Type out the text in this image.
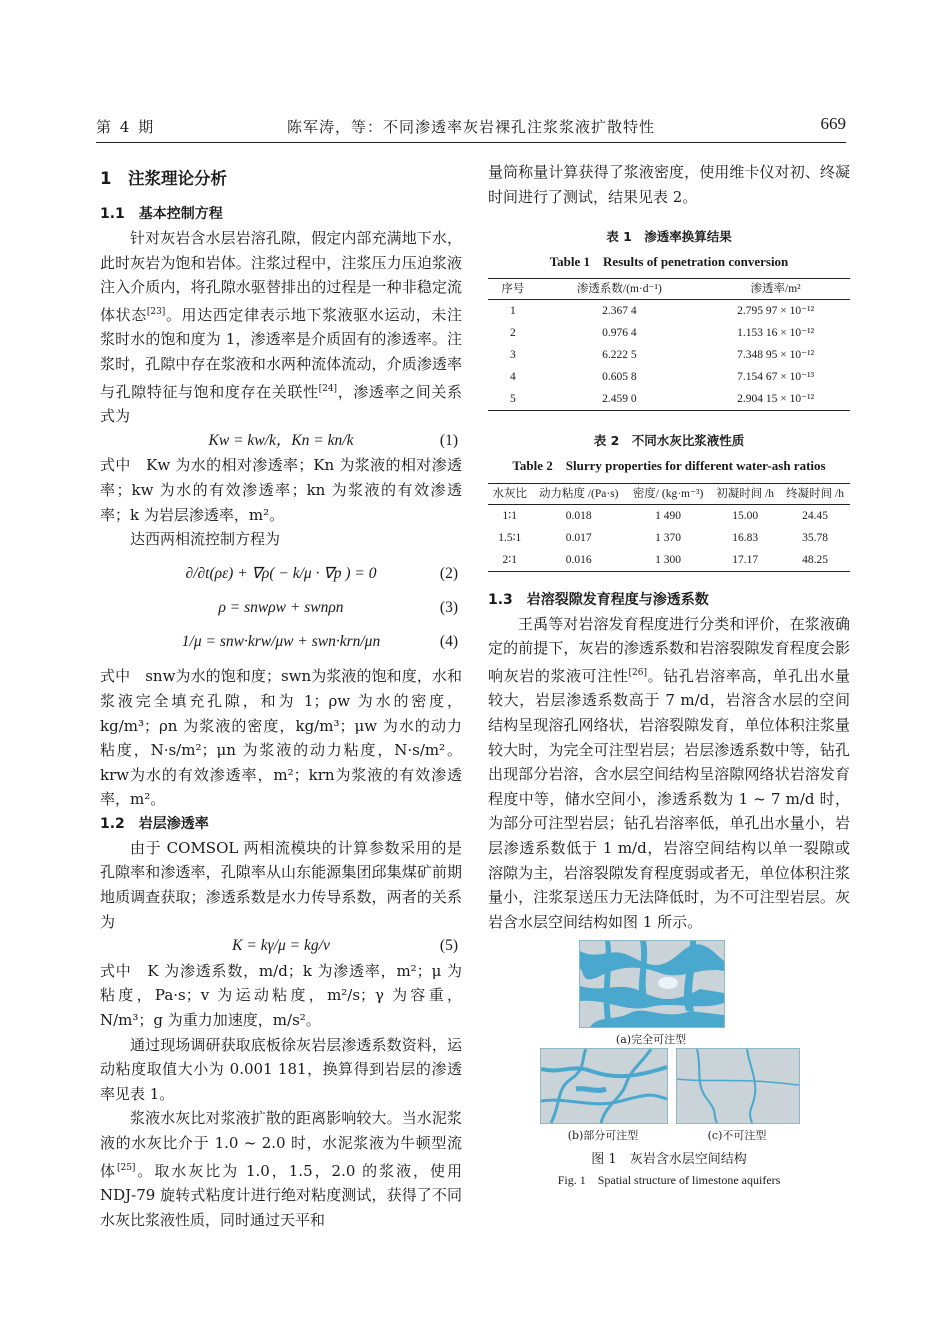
第 4 期	陈军涛，等：不同渗透率灰岩裸孔注浆浆液扩散特性	669
1　注浆理论分析
1.1　基本控制方程

针对灰岩含水层岩溶孔隙，假定内部充满地下水，此时灰岩为饱和岩体。注浆过程中，注浆压力压迫浆液注入介质内，将孔隙水驱替排出的过程是一种非稳定流体状态[23]。用达西定律表示地下浆液驱水运动，未注浆时水的饱和度为 1，渗透率是介质固有的渗透率。注浆时，孔隙中存在浆液和水两种流体流动，介质渗透率与孔隙特征与饱和度存在关联性[24]，渗透率之间关系式为

Kw = kw/k，Kn = kn/k	(1)

式中　Kw 为水的相对渗透率；Kn 为浆液的相对渗透率；kw 为水的有效渗透率；kn 为浆液的有效渗透率；k 为岩层渗透率，m²。

达西两相流控制方程为

∂/∂t(ρε) + ∇ρ( − k/μ · ∇p ) = 0	(2)
ρ = snwρw + swnρn	(3)
1/μ = snw·krw/μw + swn·krn/μn	(4)

式中　snw为水的饱和度；swn为浆液的饱和度，水和浆液完全填充孔隙，和为 1；ρw 为水的密度，kg/m³；ρn 为浆液的密度，kg/m³；μw 为水的动力粘度，N·s/m²；μn 为浆液的动力粘度，N·s/m²。krw为水的有效渗透率，m²；krn为浆液的有效渗透率，m²。

1.2　岩层渗透率

由于 COMSOL 两相流模块的计算参数采用的是孔隙率和渗透率，孔隙率从山东能源集团邱集煤矿前期地质调查获取；渗透系数是水力传导系数，两者的关系为

K = kγ/μ = kg/v	(5)

式中　K 为渗透系数，m/d；k 为渗透率，m²；μ 为粘度，Pa·s；v 为运动粘度，m²/s；γ 为容重，N/m³；g 为重力加速度，m/s²。

通过现场调研获取底板徐灰岩层渗透系数资料，运动粘度取值大小为 0.001 181，换算得到岩层的渗透率见表 1。

浆液水灰比对浆液扩散的距离影响较大。当水泥浆液的水灰比介于 1.0 ~ 2.0 时，水泥浆液为牛顿型流体[25]。取水灰比为 1.0，1.5，2.0 的浆液，使用 NDJ-79 旋转式粘度计进行绝对粘度测试，获得了不同水灰比浆液性质，同时通过天平和

量筒称量计算获得了浆液密度，使用维卡仪对初、终凝时间进行了测试，结果见表 2。

表 1　渗透率换算结果

Table 1　Results of penetration conversion

序号	渗透系数/(m·d⁻¹)	渗透率/m²
1	2.367 4	2.795 97 × 10⁻¹²
2	0.976 4	1.153 16 × 10⁻¹²
3	6.222 5	7.348 95 × 10⁻¹²
4	0.605 8	7.154 67 × 10⁻¹³
5	2.459 0	2.904 15 × 10⁻¹²

表 2　不同水灰比浆液性质

Table 2　Slurry properties for different water-ash ratios

水灰比	动力粘度 /(Pa·s)	密度/ (kg·m⁻³)	初凝时间 /h	终凝时间 /h
1∶1	0.018	1 490	15.00	24.45
1.5∶1	0.017	1 370	16.83	35.78
2∶1	0.016	1 300	17.17	48.25
1.3　岩溶裂隙发育程度与渗透系数

王禹等对岩溶发育程度进行分类和评价，在浆液确定的前提下，灰岩的渗透系数和岩溶裂隙发育程度会影响灰岩的浆液可注性[26]。钻孔岩溶率高，单孔出水量较大，岩层渗透系数高于 7 m/d，岩溶含水层的空间结构呈现溶孔网络状，岩溶裂隙发育，单位体积注浆量较大时，为完全可注型岩层；岩层渗透系数中等，钻孔出现部分岩溶，含水层空间结构呈溶隙网络状岩溶发育程度中等，储水空间小，渗透系数为 1 ~ 7 m/d 时，为部分可注型岩层；钻孔岩溶率低，单孔出水量小，岩层渗透系数低于 1 m/d，岩溶空间结构以单一裂隙或溶隙为主，岩溶裂隙发育程度弱或者无，单位体积注浆量小，注浆泵送压力无法降低时，为不可注型岩层。灰岩含水层空间结构如图 1 所示。

(a)完全可注型
(b)部分可注型	(c)不可注型
图 1　灰岩含水层空间结构
Fig. 1　Spatial structure of limestone aquifers
